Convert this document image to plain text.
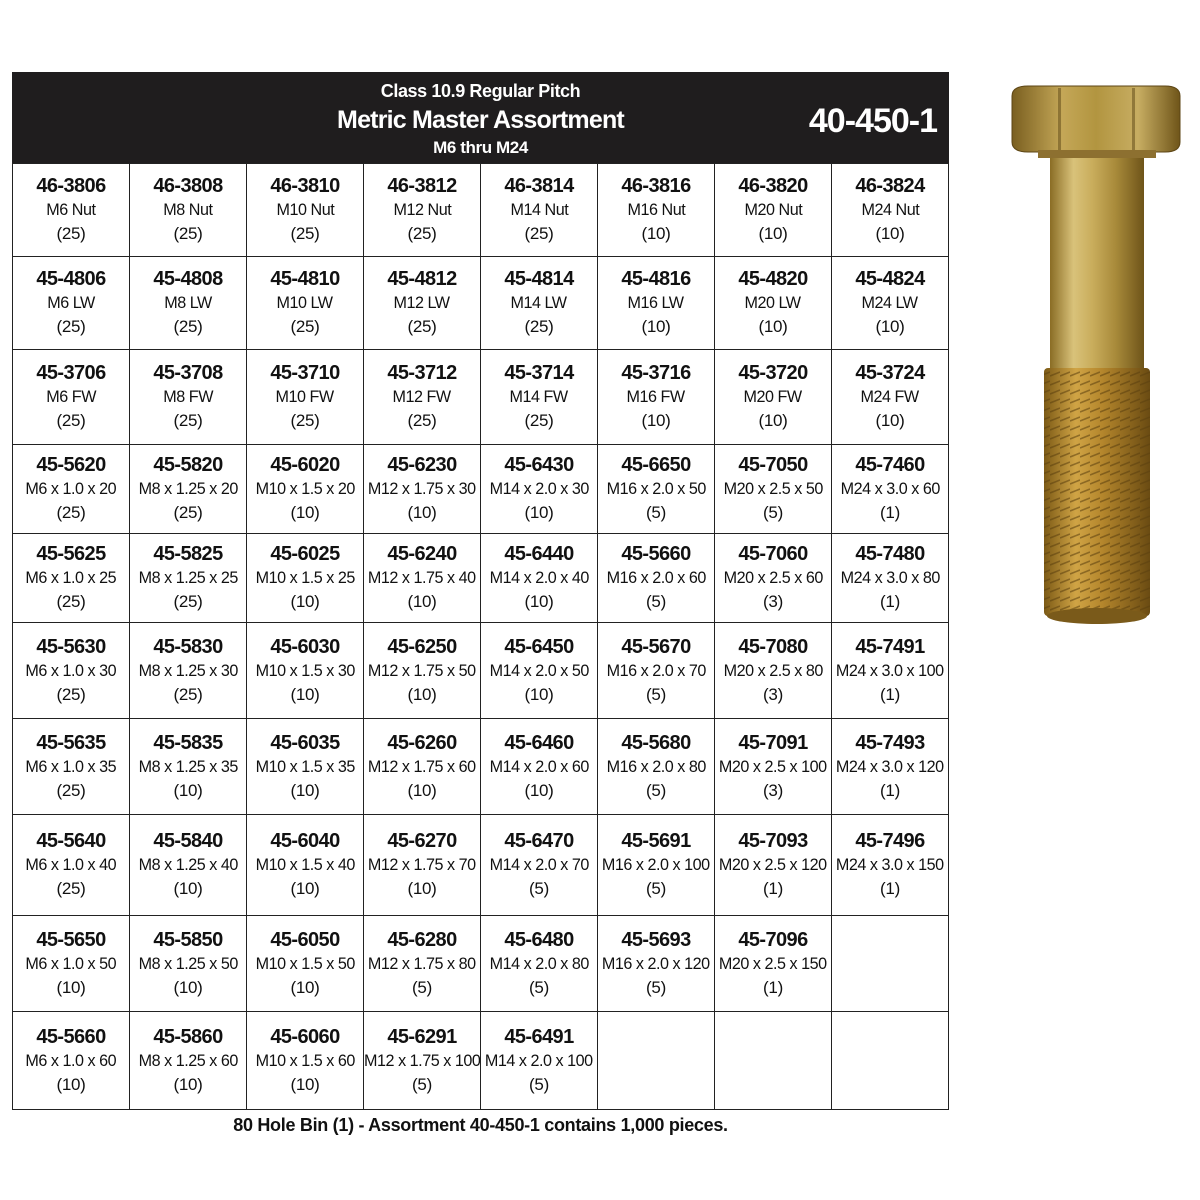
Class 10.9 Regular Pitch
Metric Master Assortment
M6 thru M24
40-450-1
46-3806
M6 Nut
(25)
46-3808
M8 Nut
(25)
46-3810
M10 Nut
(25)
46-3812
M12 Nut
(25)
46-3814
M14 Nut
(25)
46-3816
M16 Nut
(10)
46-3820
M20 Nut
(10)
46-3824
M24 Nut
(10)
45-4806
M6 LW
(25)
45-4808
M8 LW
(25)
45-4810
M10 LW
(25)
45-4812
M12 LW
(25)
45-4814
M14 LW
(25)
45-4816
M16 LW
(10)
45-4820
M20 LW
(10)
45-4824
M24 LW
(10)
45-3706
M6 FW
(25)
45-3708
M8 FW
(25)
45-3710
M10 FW
(25)
45-3712
M12 FW
(25)
45-3714
M14 FW
(25)
45-3716
M16 FW
(10)
45-3720
M20 FW
(10)
45-3724
M24 FW
(10)
45-5620
M6 x 1.0 x 20
(25)
45-5820
M8 x 1.25 x 20
(25)
45-6020
M10 x 1.5 x 20
(10)
45-6230
M12 x 1.75 x 30
(10)
45-6430
M14 x 2.0 x 30
(10)
45-6650
M16 x 2.0 x 50
(5)
45-7050
M20 x 2.5 x 50
(5)
45-7460
M24 x 3.0 x 60
(1)
45-5625
M6 x 1.0 x 25
(25)
45-5825
M8 x 1.25 x 25
(25)
45-6025
M10 x 1.5 x 25
(10)
45-6240
M12 x 1.75 x 40
(10)
45-6440
M14 x 2.0 x 40
(10)
45-5660
M16 x 2.0 x 60
(5)
45-7060
M20 x 2.5 x 60
(3)
45-7480
M24 x 3.0 x 80
(1)
45-5630
M6 x 1.0 x 30
(25)
45-5830
M8 x 1.25 x 30
(25)
45-6030
M10 x 1.5 x 30
(10)
45-6250
M12 x 1.75 x 50
(10)
45-6450
M14 x 2.0 x 50
(10)
45-5670
M16 x 2.0 x 70
(5)
45-7080
M20 x 2.5 x 80
(3)
45-7491
M24 x 3.0 x 100
(1)
45-5635
M6 x 1.0 x 35
(25)
45-5835
M8 x 1.25 x 35
(10)
45-6035
M10 x 1.5 x 35
(10)
45-6260
M12 x 1.75 x 60
(10)
45-6460
M14 x 2.0 x 60
(10)
45-5680
M16 x 2.0 x 80
(5)
45-7091
M20 x 2.5 x 100
(3)
45-7493
M24 x 3.0 x 120
(1)
45-5640
M6 x 1.0 x 40
(25)
45-5840
M8 x 1.25 x 40
(10)
45-6040
M10 x 1.5 x 40
(10)
45-6270
M12 x 1.75 x 70
(10)
45-6470
M14 x 2.0 x 70
(5)
45-5691
M16 x 2.0 x 100
(5)
45-7093
M20 x 2.5 x 120
(1)
45-7496
M24 x 3.0 x 150
(1)
45-5650
M6 x 1.0 x 50
(10)
45-5850
M8 x 1.25 x 50
(10)
45-6050
M10 x 1.5 x 50
(10)
45-6280
M12 x 1.75 x 80
(5)
45-6480
M14 x 2.0 x 80
(5)
45-5693
M16 x 2.0 x 120
(5)
45-7096
M20 x 2.5 x 150
(1)
45-5660
M6 x 1.0 x 60
(10)
45-5860
M8 x 1.25 x 60
(10)
45-6060
M10 x 1.5 x 60
(10)
45-6291
M12 x 1.75 x 100
(5)
45-6491
M14 x 2.0 x 100
(5)
80 Hole Bin (1) - Assortment 40-450-1 contains 1,000 pieces.
